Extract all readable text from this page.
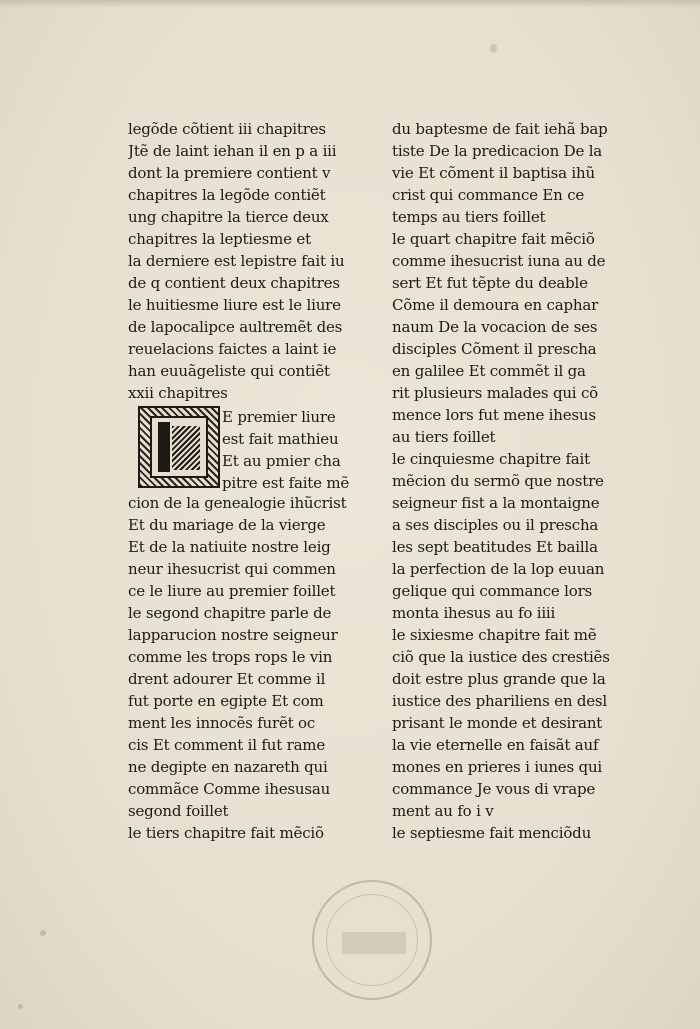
legõde cõtient iii chapitres
Jtẽ de laint iehan il en p a iii
dont la premiere contient v
chapitres la legõde contiẽt
ung chapitre la tierce deux
chapitres la leptiesme et
la derniere est lepistre fait iu
de q contient deux chapitres
le huitiesme liure est le liure
de lapocalipce aultremẽt des
reuelacions faictes a laint ie
han euuãgeliste qui contiẽt
xxii chapitres
cion de la genealogie ihũcrist
Et du mariage de la vierge
Et de la natiuite nostre leig
neur ihesucrist qui commen
ce le liure au premier foillet
le segond chapitre parle de
lapparucion nostre seigneur
comme les trops rops le vin
drent adourer Et comme il
fut porte en egipte Et com
ment les innocẽs furẽt oc
cis Et comment il fut rame
ne degipte en nazareth qui
commãce Comme ihesusau
segond foillet
le tiers chapitre fait mẽciõ
E premier liure
est fait mathieu
Et au pmier cha
pitre est faite mẽ
du baptesme de fait iehã bap
tiste De la predicacion De la
vie Et cõment il baptisa ihũ
crist qui commance En ce
temps au tiers foillet
le quart chapitre fait mẽciõ
comme ihesucrist iuna au de
sert Et fut tẽpte du deable
Cõme il demoura en caphar
naum De la vocacion de ses
disciples Cõment il prescha
en galilee Et commẽt il ga
rit plusieurs malades qui cõ
mence lors fut mene ihesus
au tiers foillet
le cinquiesme chapitre fait
mẽcion du sermõ que nostre
seigneur fist a la montaigne
a ses disciples ou il prescha
les sept beatitudes Et bailla
la perfection de la lop euuan
gelique qui commance lors
monta ihesus au fo iiii
le sixiesme chapitre fait mẽ
ciõ que la iustice des crestiẽs
doit estre plus grande que la
iustice des phariliens en desl
prisant le monde et desirant
la vie eternelle en faisãt auf
mones en prieres i iunes qui
commance Je vous di vrape
ment au fo i v
le septiesme fait menciõdu
